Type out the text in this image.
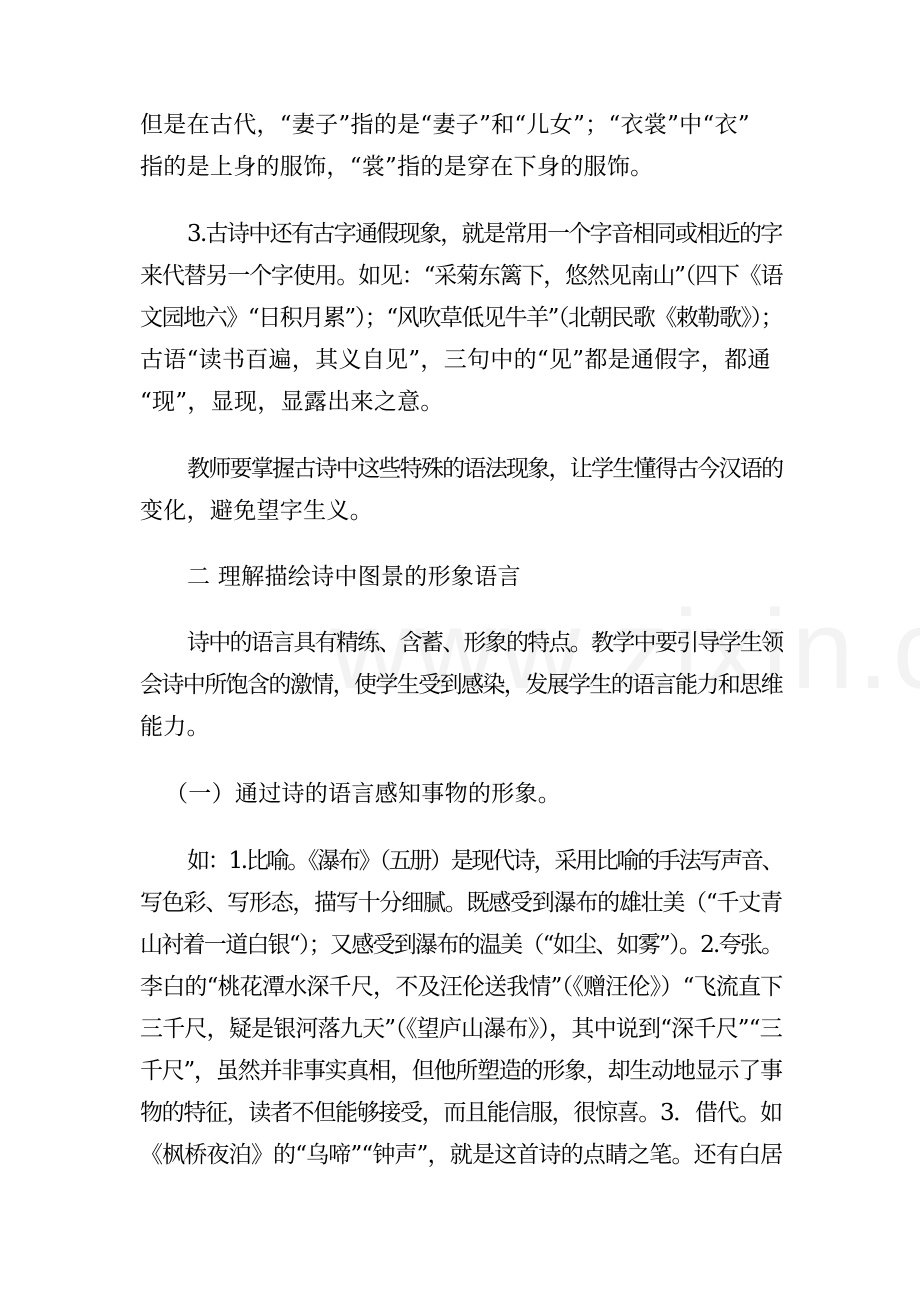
但是在古代，“妻子”指的是“妻子”和“儿女”；“衣裳”中“衣”
指的是上身的服饰，“裳”指的是穿在下身的服饰。
3.古诗中还有古字通假现象，就是常用一个字音相同或相近的字
来代替另一个字使用。如见：“采菊东篱下，悠然见南山”（四下《语
文园地六》“日积月累”）；“风吹草低见牛羊”（北朝民歌《敕勒歌》）；
古语“读书百遍，其义自见”，三句中的“见”都是通假字，都通
“现”，显现，显露出来之意。
教师要掌握古诗中这些特殊的语法现象，让学生懂得古今汉语的
变化，避免望字生义。
二 理解描绘诗中图景的形象语言
诗中的语言具有精练、含蓄、形象的特点。教学中要引导学生领
会诗中所饱含的激情，使学生受到感染，发展学生的语言能力和思维
能力。
（一）通过诗的语言感知事物的形象。
如：1.比喻。《瀑布》（五册）是现代诗，采用比喻的手法写声音、
写色彩、写形态，描写十分细腻。既感受到瀑布的雄壮美（“千丈青
山衬着一道白银“）；又感受到瀑布的温美（“如尘、如雾”）。2.夸张。
李白的“桃花潭水深千尺，不及汪伦送我情”（《赠汪伦》）“飞流直下
三千尺，疑是银河落九天”（《望庐山瀑布》），其中说到“深千尺”“三
千尺”，虽然并非事实真相，但他所塑造的形象，却生动地显示了事
物的特征，读者不但能够接受，而且能信服，很惊喜。3．借代。如
《枫桥夜泊》的“乌啼”“钟声”，就是这首诗的点睛之笔。还有白居
